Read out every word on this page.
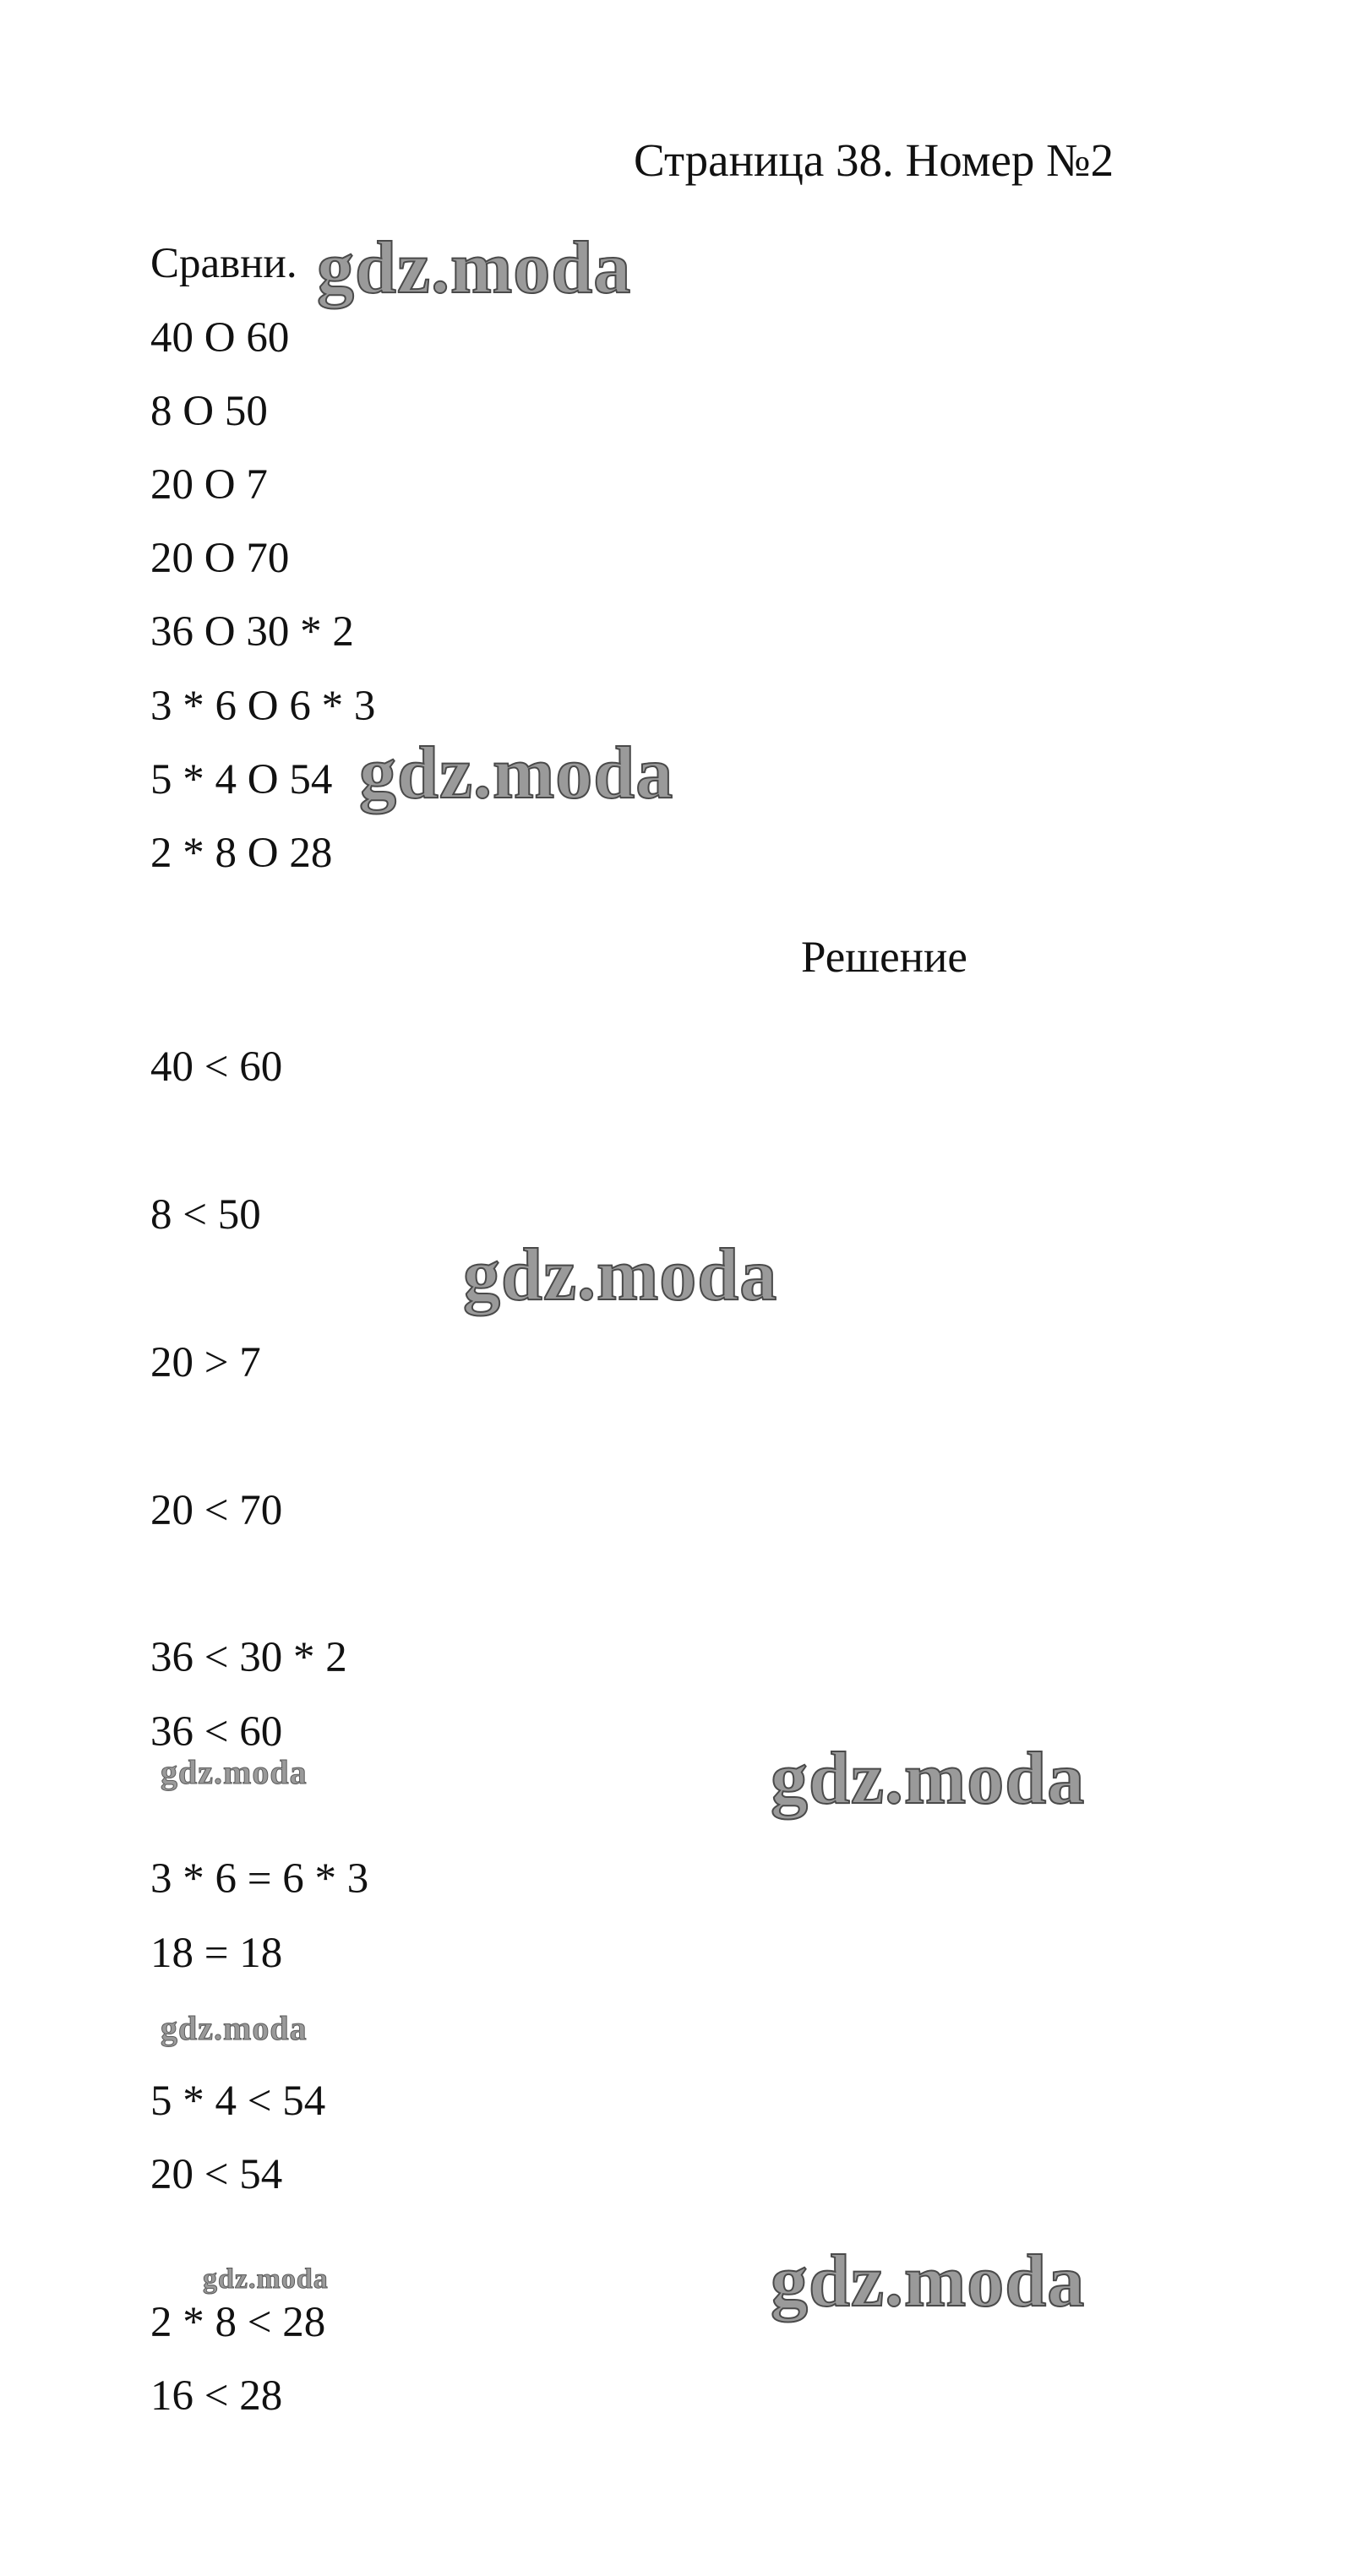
Страница 38. Номер №2
Сравни.
40 О 60
8 О 50
20 О 7
20 О 70
36 О 30 * 2
3 * 6 О 6 * 3
5 * 4 О 54
2 * 8 О 28
Решение
40 < 60
8 < 50
20 > 7
20 < 70
36 < 30 * 2
36 < 60
3 * 6 = 6 * 3
18 = 18
5 * 4 < 54
20 < 54
2 * 8 < 28
16 < 28
gdz.moda
gdz.moda
gdz.moda
gdz.moda
gdz.moda
gdz.moda
gdz.moda
gdz.moda
